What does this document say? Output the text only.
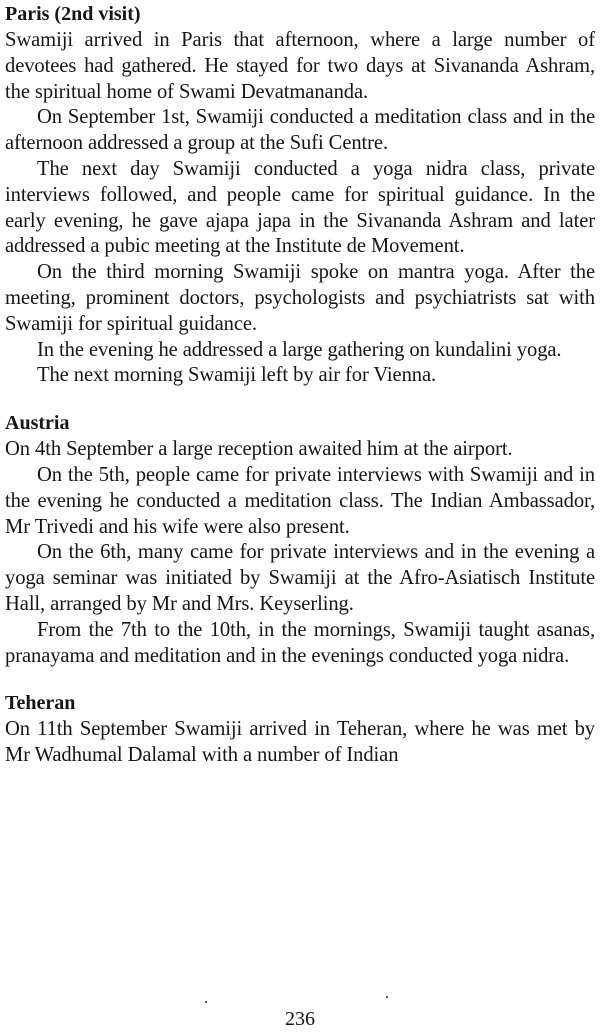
Paris (2nd visit)

Swamiji arrived in Paris that afternoon, where a large number of devotees had gathered. He stayed for two days at Sivananda Ashram, the spiritual home of Swami Devatmananda.

On September 1st, Swamiji conducted a meditation class and in the afternoon addressed a group at the Sufi Centre.

The next day Swamiji conducted a yoga nidra class, private interviews followed, and people came for spiritual guidance. In the early evening, he gave ajapa japa in the Sivananda Ashram and later addressed a pubic meeting at the Institute de Movement.

On the third morning Swamiji spoke on mantra yoga. After the meeting, prominent doctors, psychologists and psychiatrists sat with Swamiji for spiritual guidance.

In the evening he addressed a large gathering on kundalini yoga.

The next morning Swamiji left by air for Vienna.

Austria

On 4th September a large reception awaited him at the airport.

On the 5th, people came for private interviews with Swamiji and in the evening he conducted a meditation class. The Indian Ambassador, Mr Trivedi and his wife were also present.

On the 6th, many came for private interviews and in the evening a yoga seminar was initiated by Swamiji at the Afro-Asiatisch Institute Hall, arranged by Mr and Mrs. Keyserling.

From the 7th to the 10th, in the mornings, Swamiji taught asanas, pranayama and meditation and in the evenings conducted yoga nidra.

Teheran

On 11th September Swamiji arrived in Teheran, where he was met by Mr Wadhumal Dalamal with a number of Indian

236
